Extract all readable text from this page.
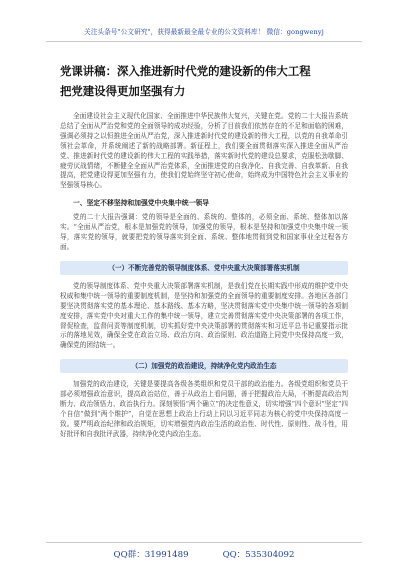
关注头条号"公文研究"，获得最新最全最专业的公文资料库！ 微信：gongwenyj
党课讲稿：深入推进新时代党的建设新的伟大工程
把党建设得更加坚强有力

全面建设社会主义现代化国家、全面推进中华民族伟大复兴，关键在党。党的二十大报告系统总结了全面从严治党和党的全面领导的成功经验，分析了目前我们依然存在的不足和面临的困难，强调必须持之以恒推进全面从严治党，深入推进新时代党的建设新的伟大工程，以党的自我革命引领社会革命，并系统阐述了新的战略部署。新征程上，我们要全面贯彻落实深入推进全面从严治党、推进新时代党的建设新的伟大工程的实践举措，落实新时代党的建设总要求，克服松劲歇脚、疲劳厌战情绪，不断健全全面从严治党体系，全面推进党的自我净化、自我完善、自我革新、自我提高，把党建设得更加坚强有力，使我们党始终坚守初心使命，始终成为中国特色社会主义事业的坚强领导核心。

一、坚定不移坚持和加强党中央集中统一领导

党的二十大报告强调：党的领导是全面的、系统的、整体的，必须全面、系统、整体加以落实。“全面从严治党，根本是加强党的领导，加强党的领导，根本是坚持和加强党中央集中统一领导，落实党的领导，就要把党的领导落实到全面、系统、整体地贯彻到党和国家事业全过程各方面。

（一）不断完善党的领导制度体系、党中央重大决策部署落实机制

党的领导制度体系、党中央重大决策部署落实机制，是我们党在长期实践中形成的维护党中央权威和集中统一领导的重要制度机制，是坚持和加强党的全面领导的重要制度安排。各地区各部门要坚决贯彻落实党的基本理论、基本路线、基本方略，坚决贯彻落实党中央集中统一领导的各项制度安排，落实党中央对重大工作的集中统一领导，建立完善贯彻落实党中央决策部署的各项工作，督促检查，监督问责等制度机制，切实抓好党中央决策部署的贯彻落实和习近平总书记重要指示批示的落地见效，确保全党在政治立场、政治方向、政治原则、政治道路上同党中央保持高度一致，确保党的团结统一。

（二）加强党的政治建设，持续净化党内政治生态

加强党的政治建设，关键是要提高各级各类组织和党员干部的政治能力。各级党组织和党员干部必须增强政治意识，提高政治站位，善于从政治上看问题，善于把握政治大局，不断提高政治判断力、政治领悟力、政治执行力。深刻领悟“两个确立”的决定性意义，切实增强“四个意识”坚定“四个自信”做到“两个维护”，自觉在思想上政治上行动上同以习近平同志为核心的党中央保持高度一致。要严明政治纪律和政治规矩，切实增强党内政治生活的政治性、时代性、原则性、战斗性，用好批评和自我批评武器，持续净化党内政治生态。

QQ群：31991489	QQ：535304092
